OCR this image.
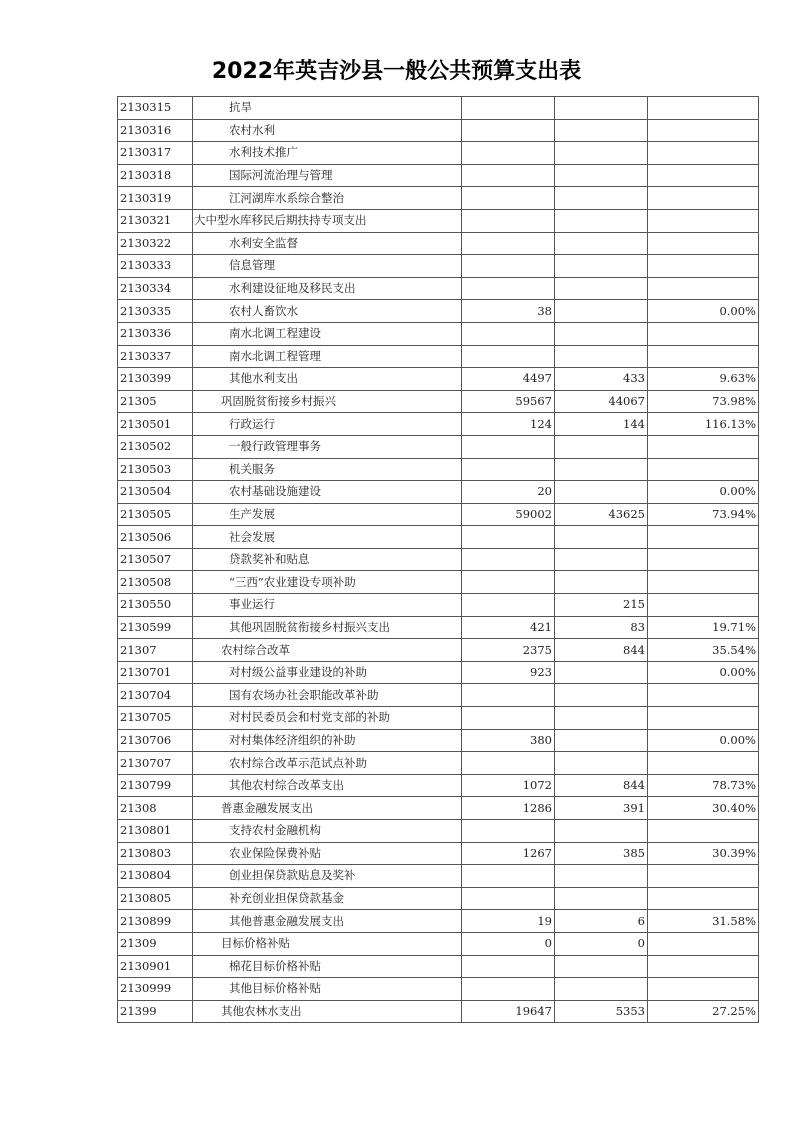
2022年英吉沙县一般公共预算支出表
2130315	抗旱			
2130316	农村水利			
2130317	水利技术推广			
2130318	国际河流治理与管理			
2130319	江河湖库水系综合整治			
2130321	大中型水库移民后期扶持专项支出			
2130322	水利安全监督			
2130333	信息管理			
2130334	水利建设征地及移民支出			
2130335	农村人畜饮水	38		0.00%
2130336	南水北调工程建设			
2130337	南水北调工程管理			
2130399	其他水利支出	4497	433	9.63%
21305	巩固脱贫衔接乡村振兴	59567	44067	73.98%
2130501	行政运行	124	144	116.13%
2130502	一般行政管理事务			
2130503	机关服务			
2130504	农村基础设施建设	20		0.00%
2130505	生产发展	59002	43625	73.94%
2130506	社会发展			
2130507	贷款奖补和贴息			
2130508	“三西”农业建设专项补助			
2130550	事业运行		215	
2130599	其他巩固脱贫衔接乡村振兴支出	421	83	19.71%
21307	农村综合改革	2375	844	35.54%
2130701	对村级公益事业建设的补助	923		0.00%
2130704	国有农场办社会职能改革补助			
2130705	对村民委员会和村党支部的补助			
2130706	对村集体经济组织的补助	380		0.00%
2130707	农村综合改革示范试点补助			
2130799	其他农村综合改革支出	1072	844	78.73%
21308	普惠金融发展支出	1286	391	30.40%
2130801	支持农村金融机构			
2130803	农业保险保费补贴	1267	385	30.39%
2130804	创业担保贷款贴息及奖补			
2130805	补充创业担保贷款基金			
2130899	其他普惠金融发展支出	19	6	31.58%
21309	目标价格补贴	0	0	
2130901	棉花目标价格补贴			
2130999	其他目标价格补贴			
21399	其他农林水支出	19647	5353	27.25%
